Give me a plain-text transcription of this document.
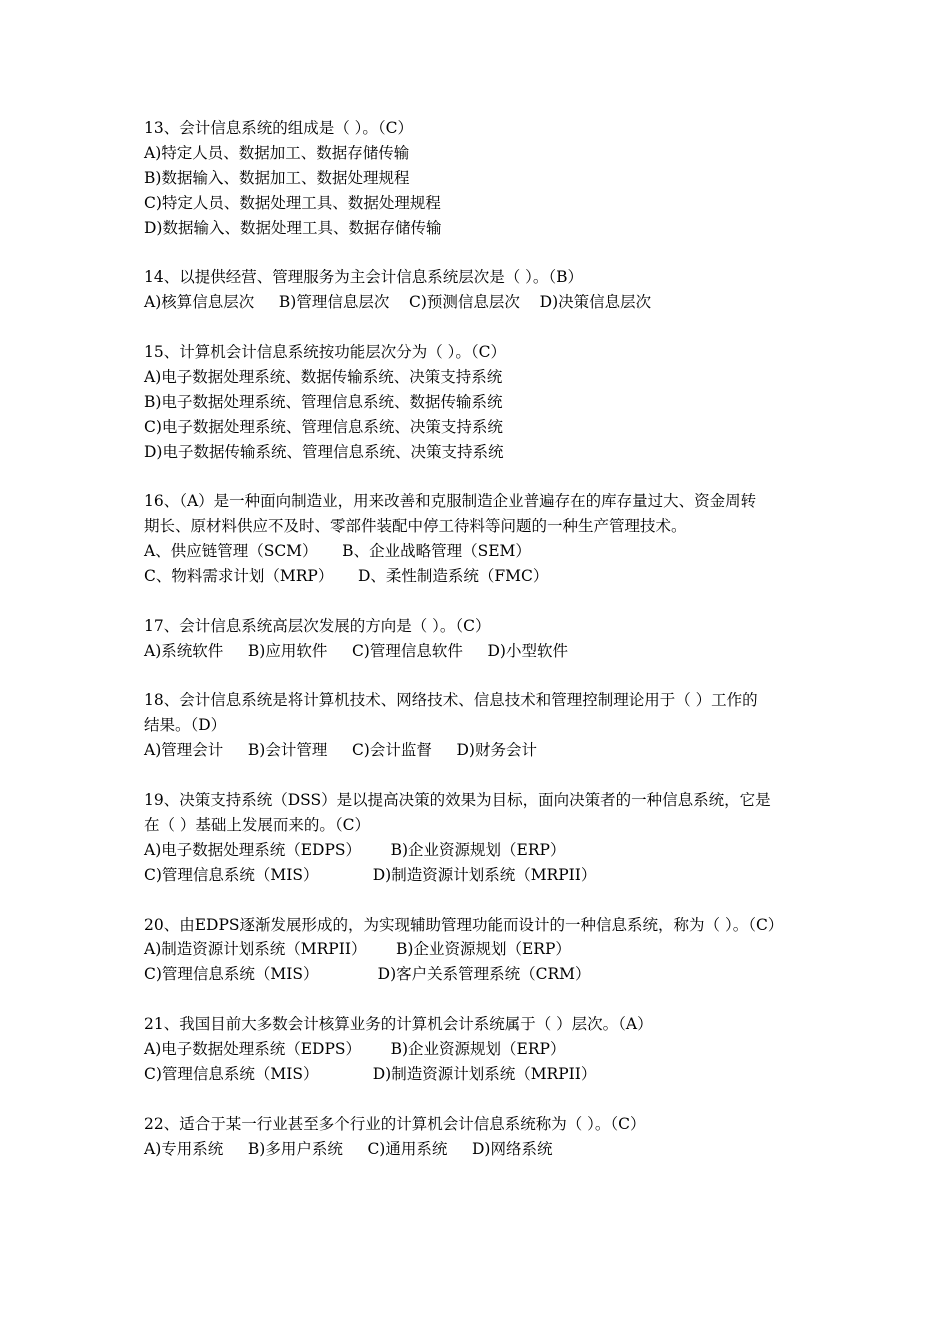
13、会计信息系统的组成是（ ）。（C）
A)特定人员、数据加工、数据存储传输
B)数据输入、数据加工、数据处理规程
C)特定人员、数据处理工具、数据处理规程
D)数据输入、数据处理工具、数据存储传输
14、以提供经营、管理服务为主会计信息系统层次是（ ）。（B）
A)核算信息层次     B)管理信息层次    C)预测信息层次    D)决策信息层次
15、计算机会计信息系统按功能层次分为（ ）。（C）
A)电子数据处理系统、数据传输系统、决策支持系统
B)电子数据处理系统、管理信息系统、数据传输系统
C)电子数据处理系统、管理信息系统、决策支持系统
D)电子数据传输系统、管理信息系统、决策支持系统
16、（A）是一种面向制造业，用来改善和克服制造企业普遍存在的库存量过大、资金周转
期长、原材料供应不及时、零部件装配中停工待料等问题的一种生产管理技术。
A、供应链管理（SCM）     B、企业战略管理（SEM）
C、物料需求计划（MRP）     D、柔性制造系统（FMC）
17、会计信息系统高层次发展的方向是（ ）。（C）
A)系统软件     B)应用软件     C)管理信息软件     D)小型软件
18、会计信息系统是将计算机技术、网络技术、信息技术和管理控制理论用于（ ）工作的
结果。（D）
A)管理会计     B)会计管理     C)会计监督     D)财务会计
19、决策支持系统（DSS）是以提高决策的效果为目标，面向决策者的一种信息系统，它是
在（ ）基础上发展而来的。（C）
A)电子数据处理系统（EDPS）      B)企业资源规划（ERP）
C)管理信息系统（MIS）           D)制造资源计划系统（MRPII）
20、由EDPS逐渐发展形成的，为实现辅助管理功能而设计的一种信息系统，称为（ ）。（C）
A)制造资源计划系统（MRPII）      B)企业资源规划（ERP）
C)管理信息系统（MIS）            D)客户关系管理系统（CRM）
21、我国目前大多数会计核算业务的计算机会计系统属于（ ）层次。（A）
A)电子数据处理系统（EDPS）      B)企业资源规划（ERP）
C)管理信息系统（MIS）           D)制造资源计划系统（MRPII）
22、适合于某一行业甚至多个行业的计算机会计信息系统称为（ ）。（C）
A)专用系统     B)多用户系统     C)通用系统     D)网络系统
